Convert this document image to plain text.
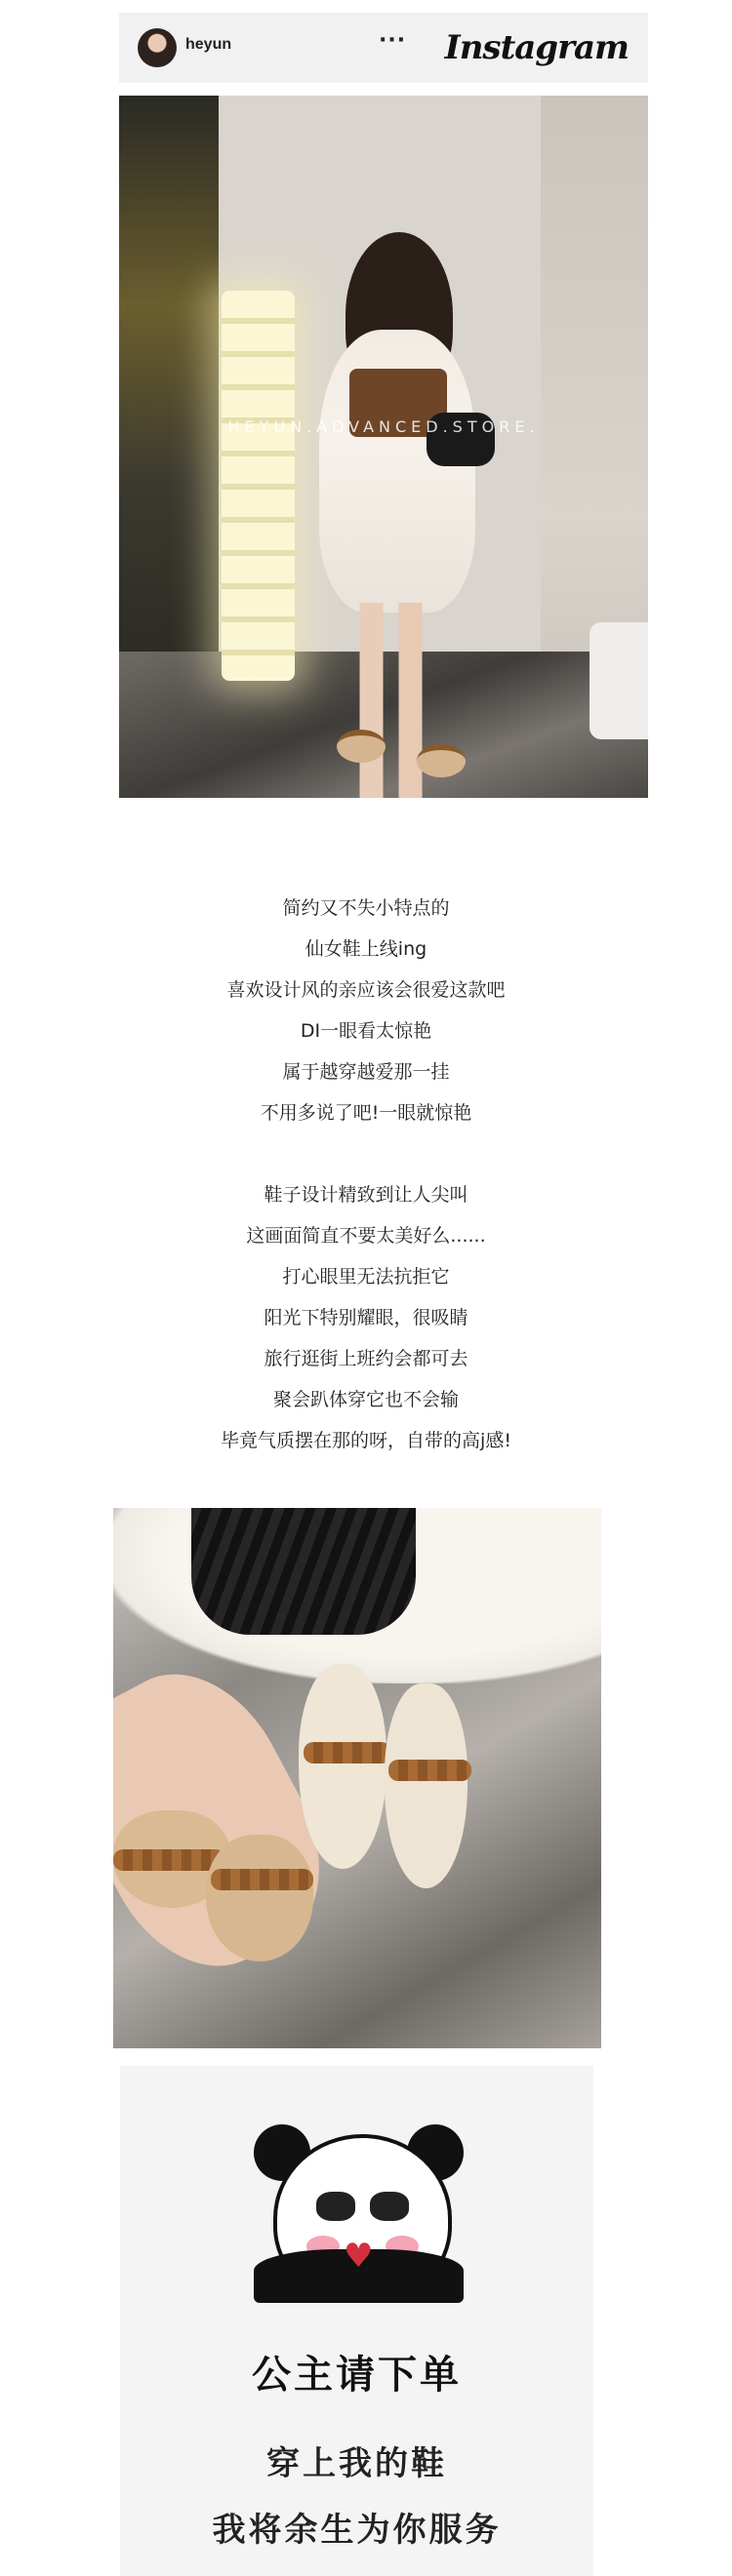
heyun	··· Instagram
HEYUN.ADVANCED.STORE.
简约又不失小特点的
仙女鞋上线ing
喜欢设计风的亲应该会很爱这款吧
DI一眼看太惊艳
属于越穿越爱那一挂
不用多说了吧!一眼就惊艳
鞋子设计精致到让人尖叫
这画面简直不要太美好么......
打心眼里无法抗拒它
阳光下特别耀眼，很吸睛
旅行逛街上班约会都可去
聚会趴体穿它也不会输
毕竟气质摆在那的呀，自带的高j感!
♥
公主请下单
穿上我的鞋
我将余生为你服务
